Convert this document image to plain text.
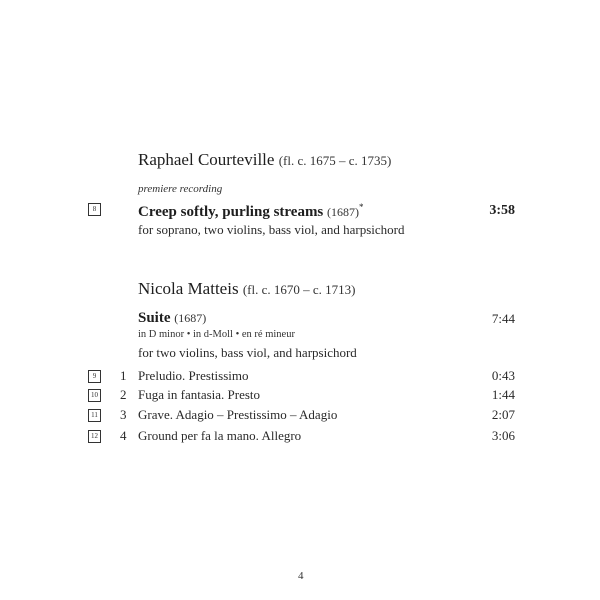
Raphael Courteville (fl. c. 1675 – c. 1735)
premiere recording
8	Creep softly, purling streams (1687)*	3:58
for soprano, two violins, bass viol, and harpsichord
Nicola Matteis (fl. c. 1670 – c. 1713)
Suite (1687)	7:44
in D minor • in d-Moll • en ré mineur
for two violins, bass viol, and harpsichord
9	1 Preludio. Prestissimo	0:43
10 2 Fuga in fantasia. Presto	1:44
11 3 Grave. Adagio – Prestissimo – Adagio	2:07
12 4 Ground per fa la mano. Allegro	3:06
4
